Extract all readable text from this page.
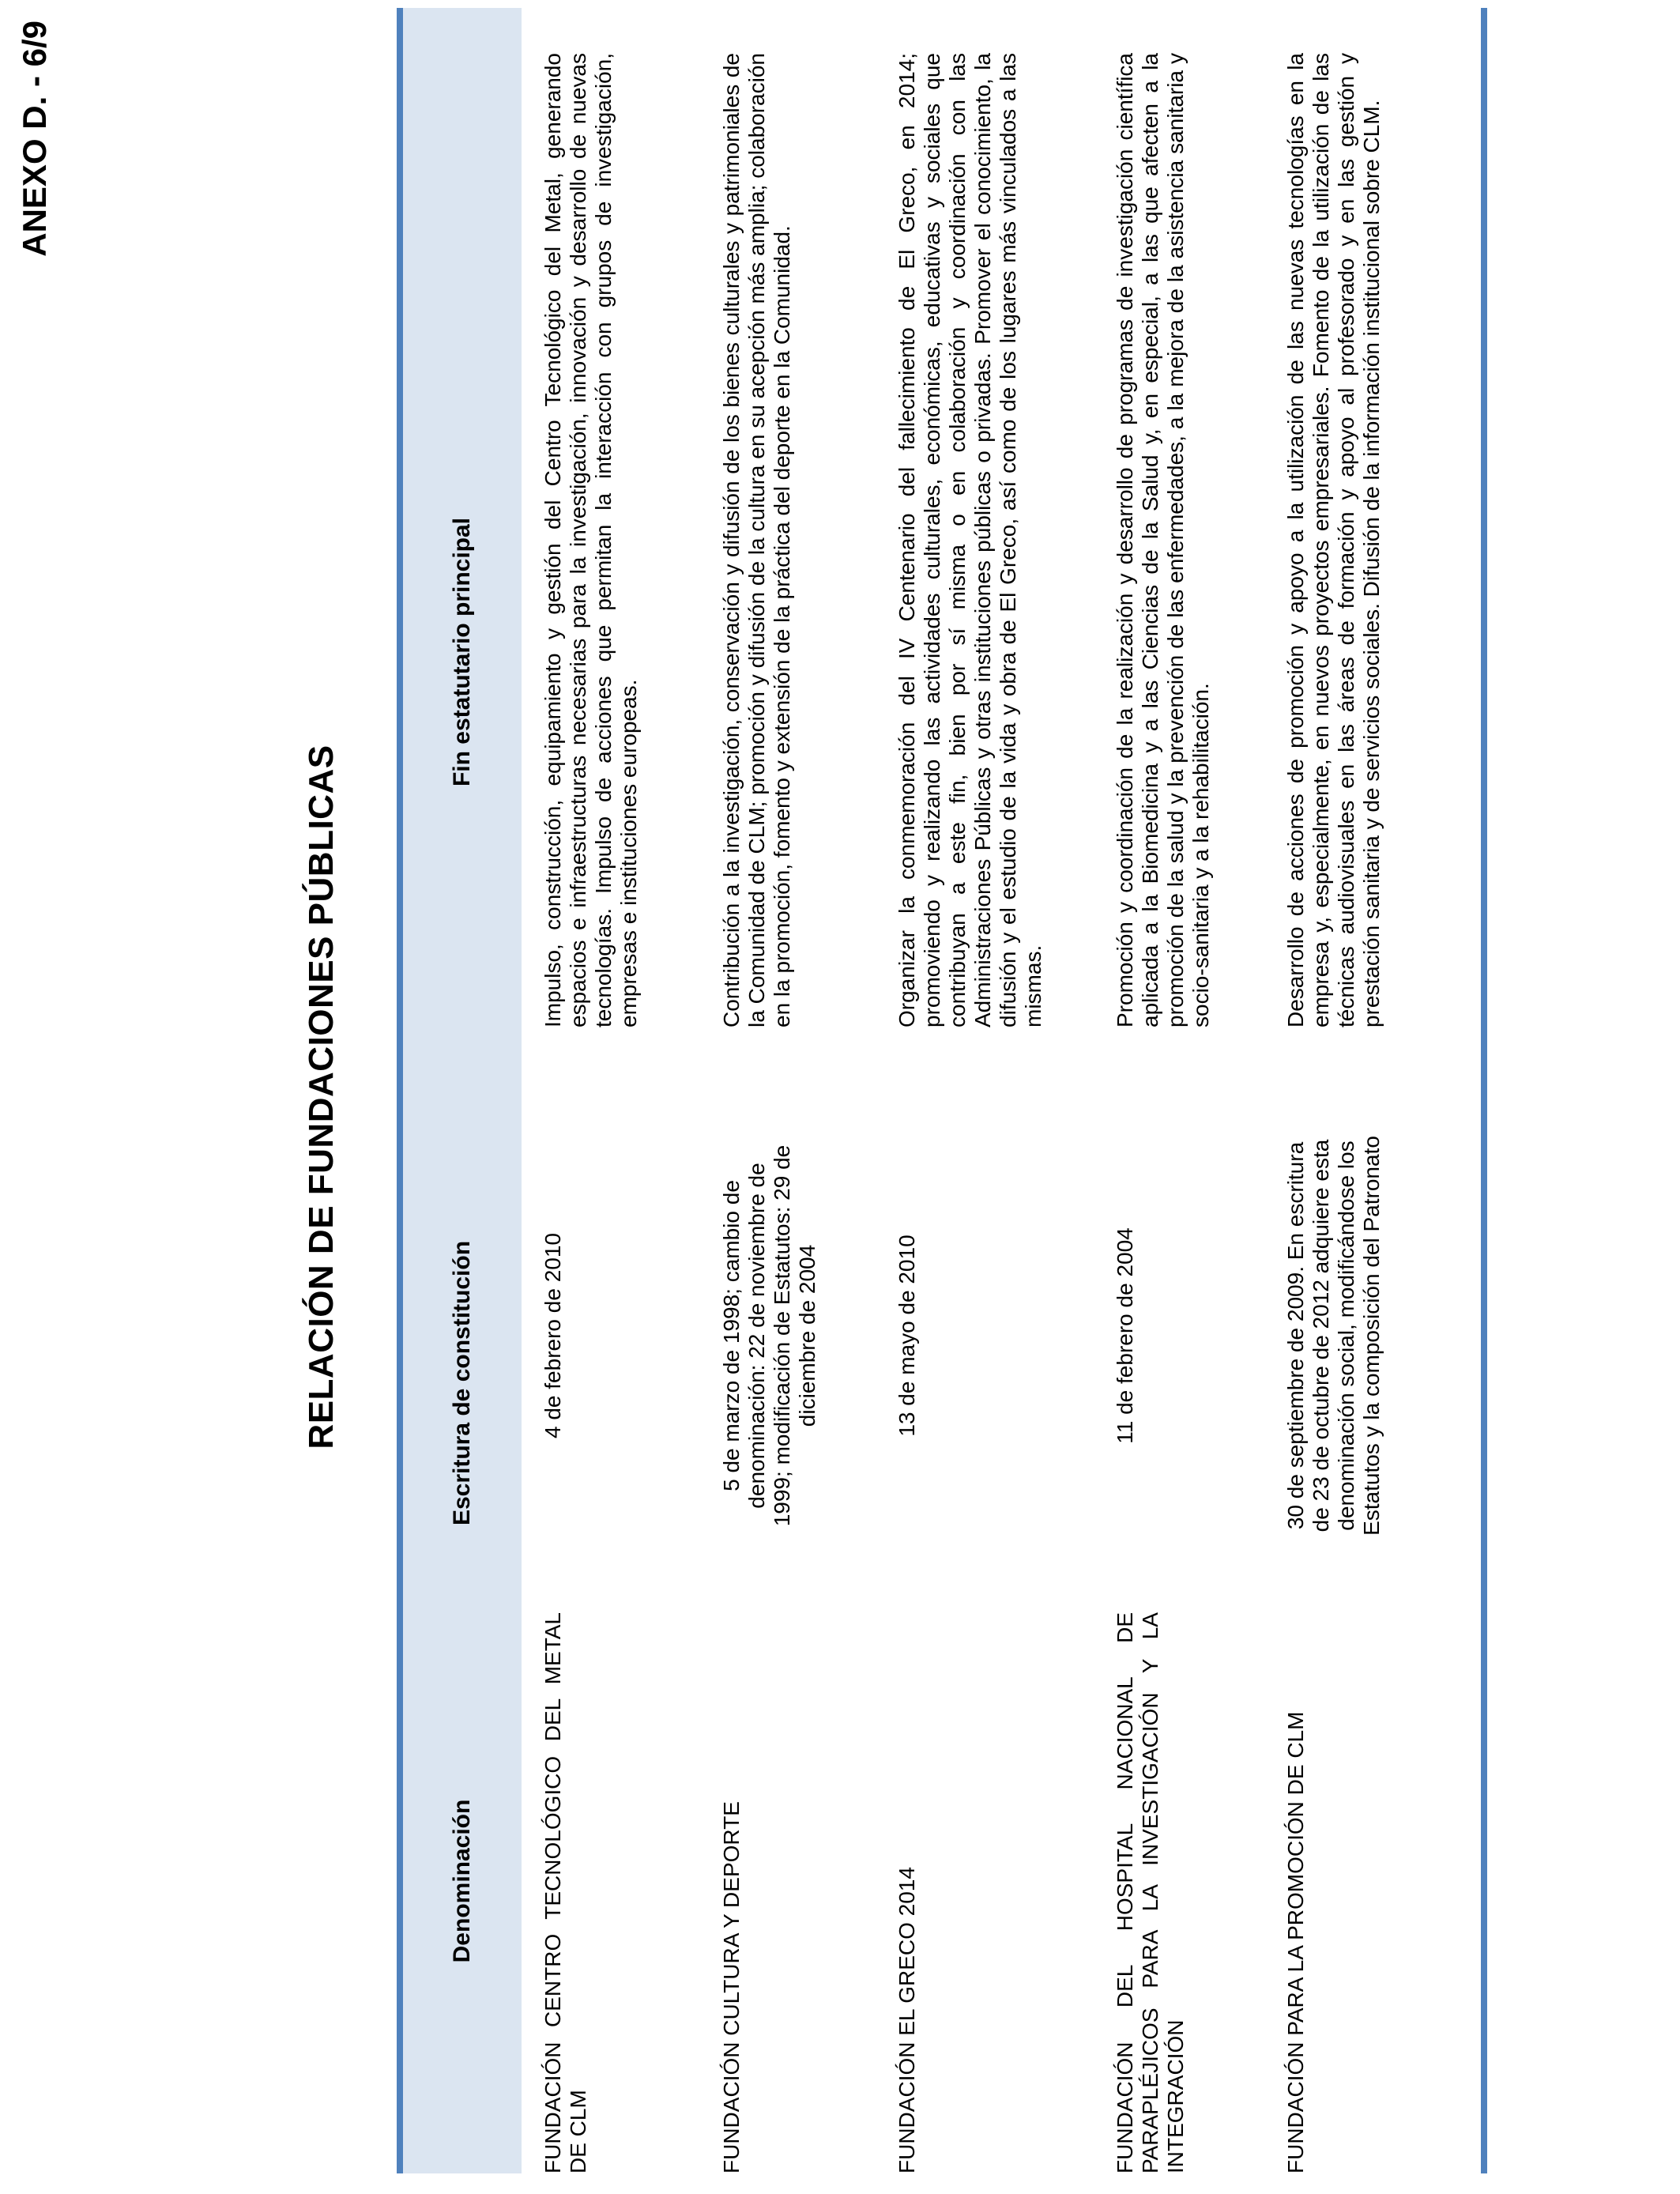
ANEXO D. - 6/9
RELACIÓN DE FUNDACIONES PÚBLICAS
Denominación
Escritura de constitución
Fin estatutario principal
FUNDACIÓN CENTRO TECNOLÓGICO DEL METAL DE CLM
4 de febrero de 2010
Impulso, construcción, equipamiento y gestión del Centro Tecnológico del Metal, generando espacios e infraestructuras necesarias para la investigación, innovación y desarrollo de nuevas tecnologías. Impulso de acciones que permitan la interacción con grupos de investigación, empresas e instituciones europeas.
FUNDACIÓN CULTURA Y DEPORTE
5 de marzo de 1998; cambio de denominación: 22 de noviembre de 1999; modificación de Estatutos: 29 de diciembre de 2004
Contribución a la investigación, conservación y difusión de los bienes culturales y patrimoniales de la Comunidad de CLM; promoción y difusión de la cultura en su acepción más amplia; colaboración en la promoción, fomento y extensión de la práctica del deporte en la Comunidad.
FUNDACIÓN EL GRECO 2014
13 de mayo de 2010
Organizar la conmemoración del IV Centenario del fallecimiento de El Greco, en 2014; promoviendo y realizando las actividades culturales, económicas, educativas y sociales que contribuyan a este fin, bien por sí misma o en colaboración y coordinación con las Administraciones Públicas y otras instituciones públicas o privadas. Promover el conocimiento, la difusión y el estudio de la vida y obra de El Greco, así como de los lugares más vinculados a las mismas.
FUNDACIÓN DEL HOSPITAL NACIONAL DE PARAPLÉJICOS PARA LA INVESTIGACIÓN Y LA INTEGRACIÓN
11 de febrero de 2004
Promoción y coordinación de la realización y desarrollo de programas de investigación científica aplicada a la Biomedicina y a las Ciencias de la Salud y, en especial, a las que afecten a la promoción de la salud y la prevención de las enfermedades, a la mejora de la asistencia sanitaria y socio-sanitaria y a la rehabilitación.
FUNDACIÓN PARA LA PROMOCIÓN DE CLM
30 de septiembre de 2009. En escritura de 23 de octubre de 2012 adquiere esta denominación social, modificándose los Estatutos y la composición del Patronato
Desarrollo de acciones de promoción y apoyo a la utilización de las nuevas tecnologías en la empresa y, especialmente, en nuevos proyectos empresariales. Fomento de la utilización de las técnicas audiovisuales en las áreas de formación y apoyo al profesorado y en las gestión y prestación sanitaria y de servicios sociales. Difusión de la información institucional sobre CLM.
